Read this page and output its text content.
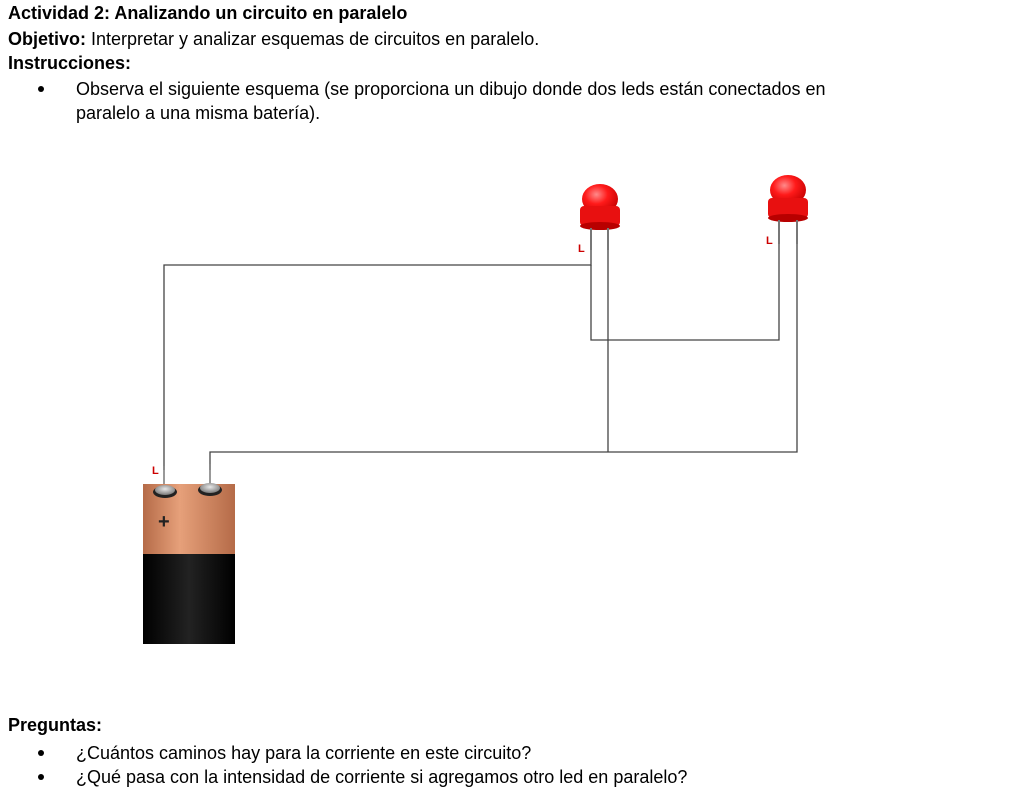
Actividad 2: Analizando un circuito en paralelo
Objetivo: Interpretar y analizar esquemas de circuitos en paralelo.
Instrucciones:
Observa el siguiente esquema (se proporciona un dibujo donde dos leds están conectados en
paralelo a una misma batería).
L
L
L
+
Preguntas:
¿Cuántos caminos hay para la corriente en este circuito?
¿Qué pasa con la intensidad de corriente si agregamos otro led en paralelo?
